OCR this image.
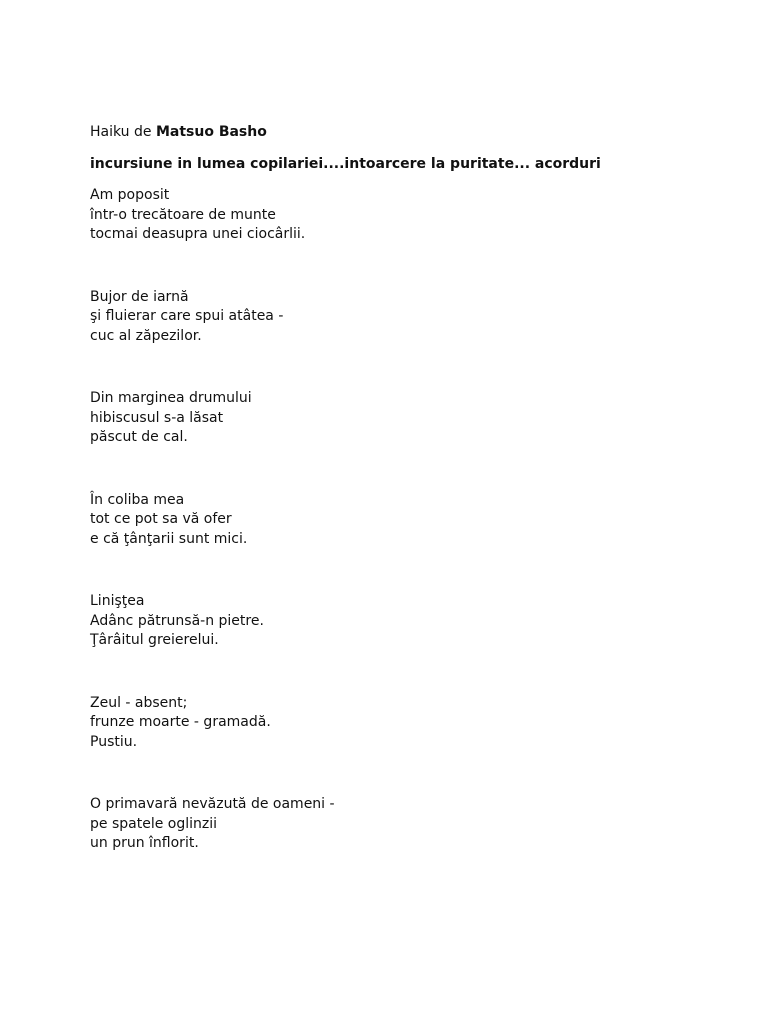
Haiku de Matsuo Basho

incursiune in lumea copilariei....intoarcere la puritate... acorduri

Am poposit
într-o trecătoare de munte
tocmai deasupra unei ciocârlii.
Bujor de iarnă
şi fluierar care spui atâtea -
cuc al zăpezilor.
Din marginea drumului
hibiscusul s-a lăsat
păscut de cal.
În coliba mea
tot ce pot sa vă ofer
e că ţânţarii sunt mici.
Linişţea
Adânc pătrunsă-n pietre.
Ţârâitul greierelui.
Zeul - absent;
frunze moarte - gramadă.
Pustiu.
O primavară nevăzută de oameni -
pe spatele oglinzii
un prun înflorit.
